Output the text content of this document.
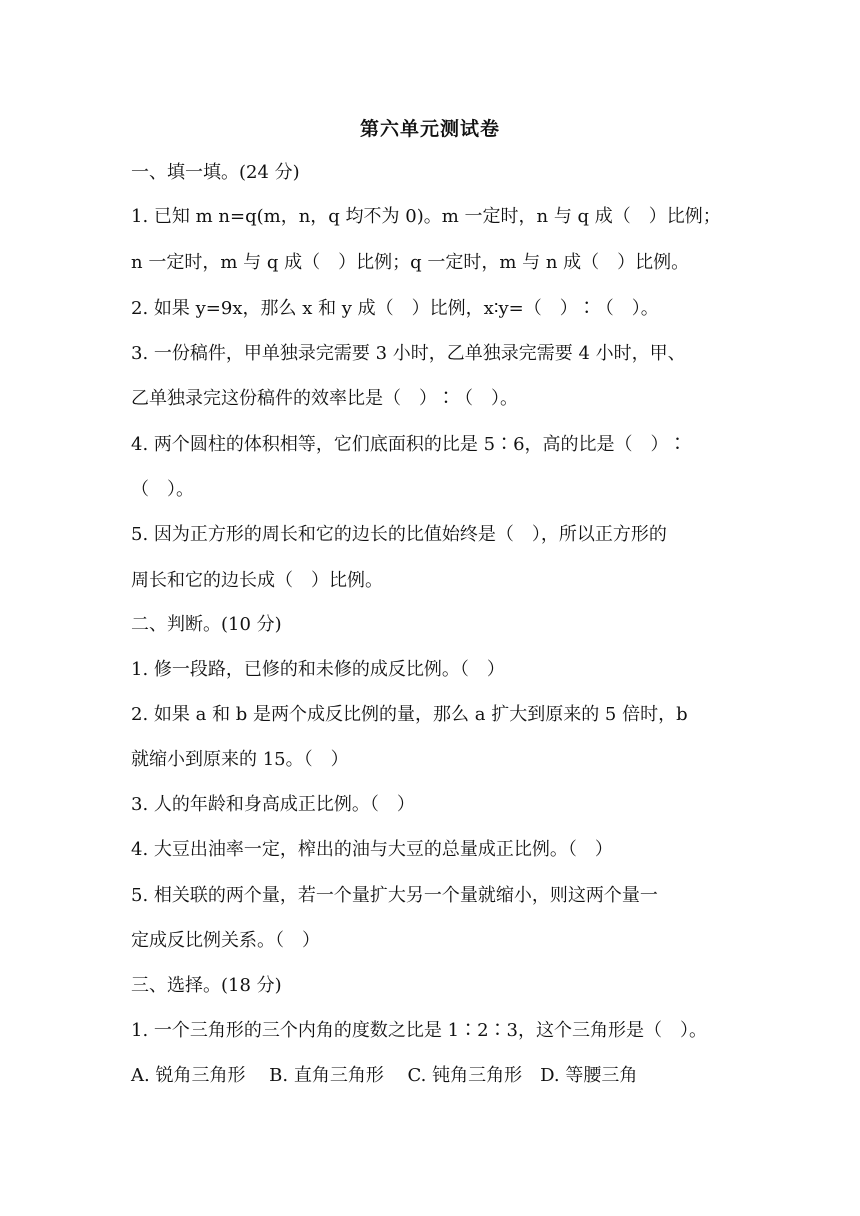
第六单元测试卷
一、填一填。(24 分)
1. 已知 m n=q(m，n，q 均不为 0)。m 一定时，n 与 q 成（　）比例；
n 一定时，m 与 q 成（　）比例；q 一定时，m 与 n 成（　）比例。
2. 如果 y=9x，那么 x 和 y 成（　）比例，x∶y=（　）∶（　）。
3. 一份稿件，甲单独录完需要 3 小时，乙单独录完需要 4 小时，甲、
乙单独录完这份稿件的效率比是（　）∶（　）。
4. 两个圆柱的体积相等，它们底面积的比是 5∶6，高的比是（　）∶
（　）。
5. 因为正方形的周长和它的边长的比值始终是（　），所以正方形的
周长和它的边长成（　）比例。
二、判断。(10 分)
1. 修一段路，已修的和未修的成反比例。（　）
2. 如果 a 和 b 是两个成反比例的量，那么 a 扩大到原来的 5 倍时，b
就缩小到原来的 15。（　）
3. 人的年龄和身高成正比例。（　）
4. 大豆出油率一定，榨出的油与大豆的总量成正比例。（　）
5. 相关联的两个量，若一个量扩大另一个量就缩小，则这两个量一
定成反比例关系。（　）
三、选择。(18 分)
1. 一个三角形的三个内角的度数之比是 1∶2∶3，这个三角形是（　）。
A. 锐角三角形　 B. 直角三角形　 C. 钝角三角形　D. 等腰三角
